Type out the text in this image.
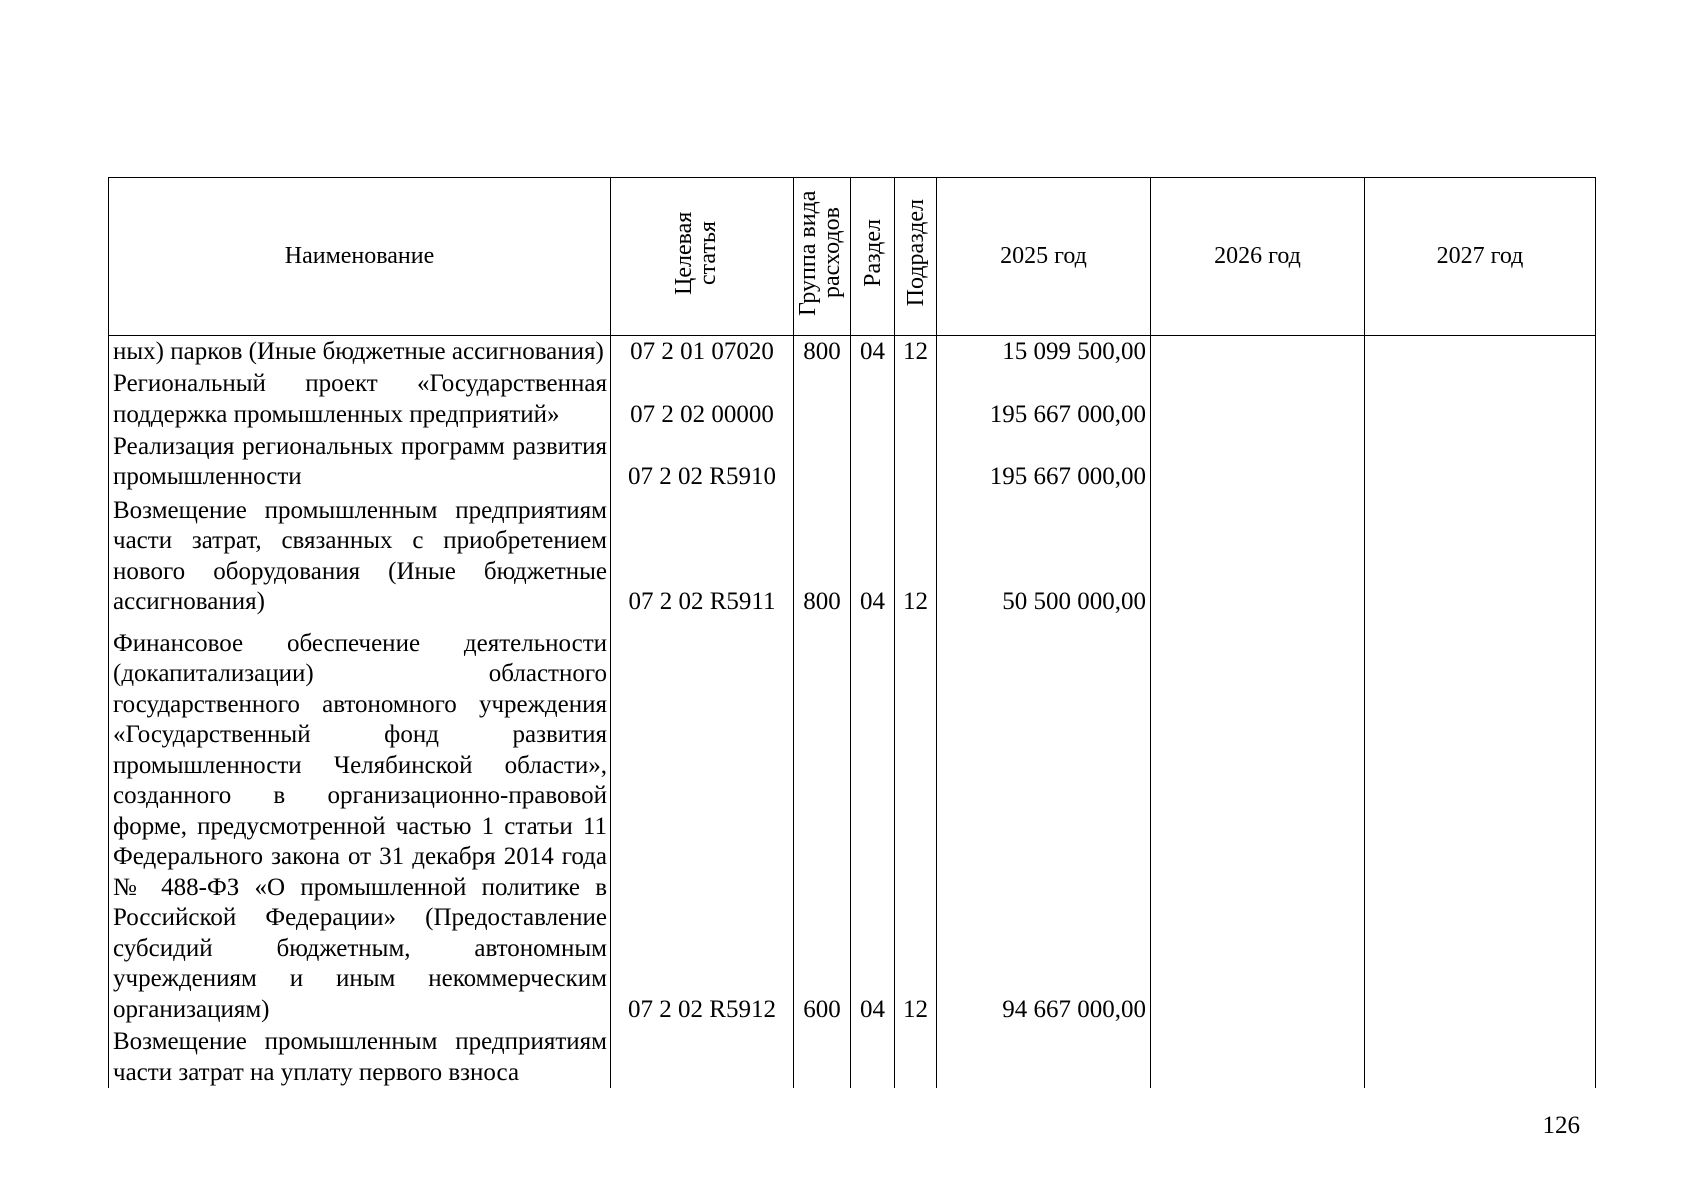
Наименование	Целевая статья	Группа вида расходов	Раздел	Подраздел	2025 год	2026 год	2027 год
ных) парков (Иные бюджетные ассигнования)	07 2 01 07020	800	04	12	15 099 500,00		
Региональный проект «Государственная поддержка промышленных предприятий»	07 2 02 00000				195 667 000,00		
Реализация региональных программ развития промышленности	07 2 02 R5910				195 667 000,00		
Возмещение промышленным предприятиям части затрат, связанных с приобретением нового оборудования (Иные бюджетные ассигнования)	07 2 02 R5911	800	04	12	50 500 000,00		
Финансовое обеспечение деятельности (докапитализации) областного государственного автономного учреждения «Государственный фонд развития промышленности Челябинской области», созданного в организационно-правовой форме, предусмотренной частью 1 статьи 11 Федерального закона от 31 декабря 2014 года № 488-ФЗ «О промышленной политике в Российской Федерации» (Предоставление субсидий бюджетным, автономным учреждениям и иным некоммерческим организациям)	07 2 02 R5912	600	04	12	94 667 000,00		
Возмещение промышленным предприятиям части затрат на уплату первого взноса							
126
